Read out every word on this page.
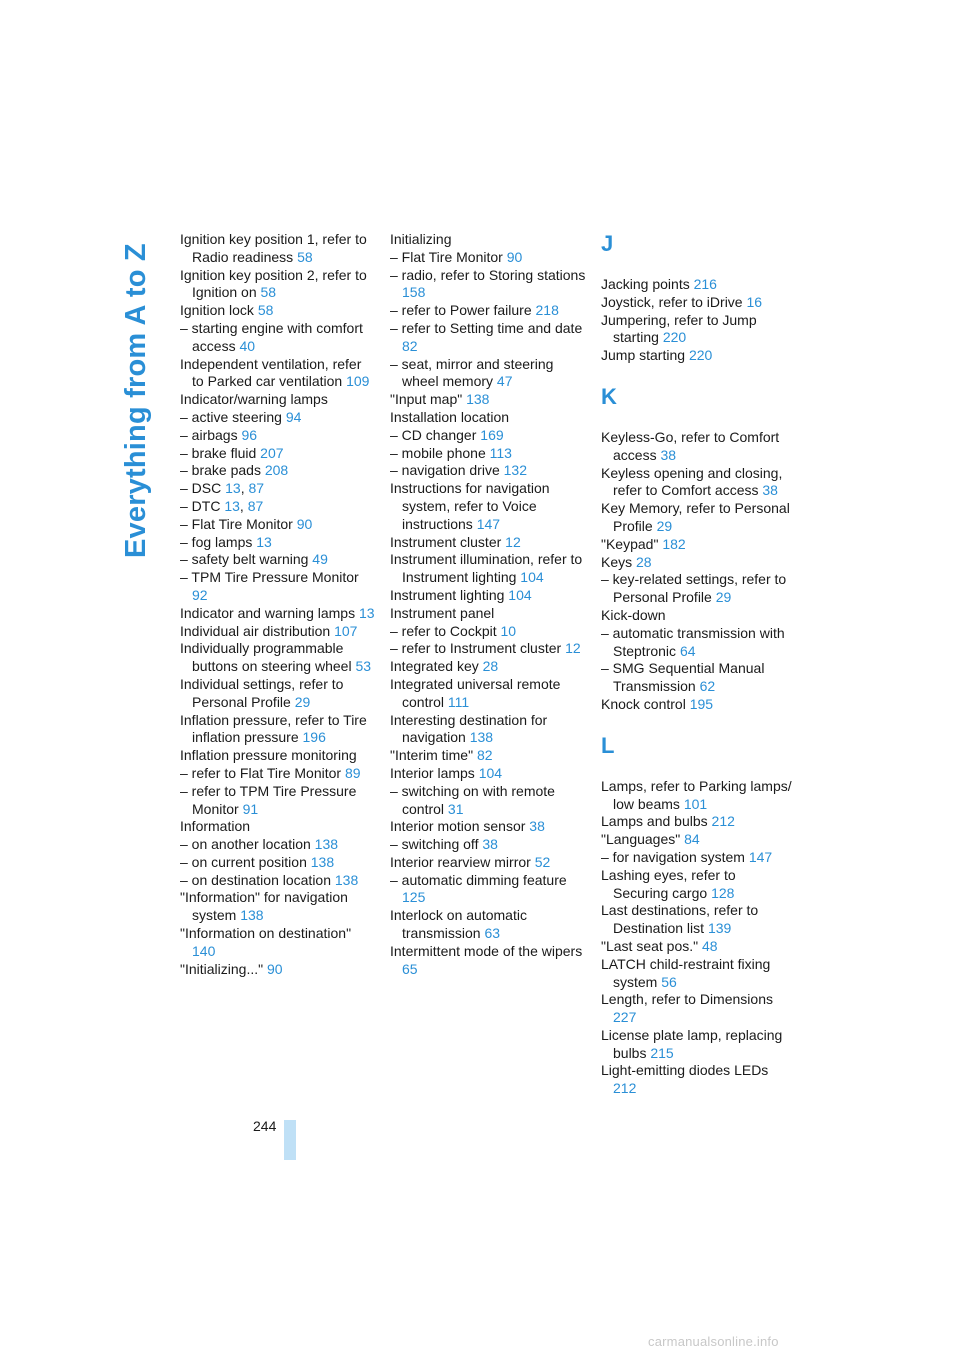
Everything from A to Z

Ignition key position 1, refer to Radio readiness 58

Ignition key position 2, refer to Ignition on 58

Ignition lock 58

– starting engine with comfort access 40

Independent ventilation, refer to Parked car ventilation 109

Indicator/warning lamps

– active steering 94

– airbags 96

– brake fluid 207

– brake pads 208

– DSC 13, 87

– DTC 13, 87

– Flat Tire Monitor 90

– fog lamps 13

– safety belt warning 49

– TPM Tire Pressure Monitor 92

Indicator and warning lamps 13

Individual air distribution 107

Individually programmable buttons on steering wheel 53

Individual settings, refer to Personal Profile 29

Inflation pressure, refer to Tire inflation pressure 196

Inflation pressure monitoring

– refer to Flat Tire Monitor 89

– refer to TPM Tire Pressure Monitor 91

Information

– on another location 138

– on current position 138

– on destination location 138

"Information" for navigation system 138

"Information on destination" 140

"Initializing..." 90

Initializing

– Flat Tire Monitor 90

– radio, refer to Storing stations 158

– refer to Power failure 218

– refer to Setting time and date 82

– seat, mirror and steering wheel memory 47

"Input map" 138

Installation location

– CD changer 169

– mobile phone 113

– navigation drive 132

Instructions for navigation system, refer to Voice instructions 147

Instrument cluster 12

Instrument illumination, refer to Instrument lighting 104

Instrument lighting 104

Instrument panel

– refer to Cockpit 10

– refer to Instrument cluster 12

Integrated key 28

Integrated universal remote control 111

Interesting destination for navigation 138

"Interim time" 82

Interior lamps 104

– switching on with remote control 31

Interior motion sensor 38

– switching off 38

Interior rearview mirror 52

– automatic dimming feature 125

Interlock on automatic transmission 63

Intermittent mode of the wipers 65

J

Jacking points 216

Joystick, refer to iDrive 16

Jumpering, refer to Jump starting 220

Jump starting 220

K

Keyless-Go, refer to Comfort access 38

Keyless opening and closing, refer to Comfort access 38

Key Memory, refer to Personal Profile 29

"Keypad" 182

Keys 28

– key-related settings, refer to Personal Profile 29

Kick-down

– automatic transmission with Steptronic 64

– SMG Sequential Manual Transmission 62

Knock control 195

L

Lamps, refer to Parking lamps/ low beams 101

Lamps and bulbs 212

"Languages" 84

– for navigation system 147

Lashing eyes, refer to Securing cargo 128

Last destinations, refer to Destination list 139

"Last seat pos." 48

LATCH child-restraint fixing system 56

Length, refer to Dimensions 227

License plate lamp, replacing bulbs 215

Light-emitting diodes LEDs 212

244
carmanualsonline.info
